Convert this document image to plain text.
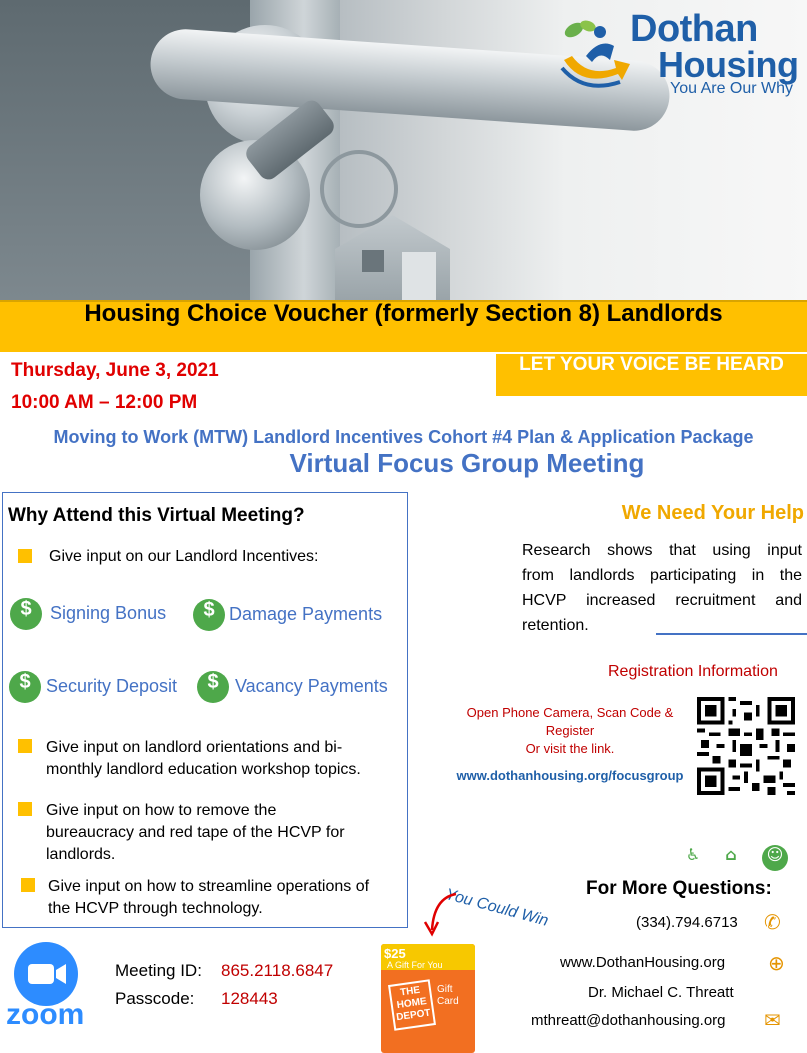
Dothan
Housing
You Are Our Why
Housing Choice Voucher (formerly Section 8) Landlords
Thursday, June 3, 2021
10:00 AM – 12:00 PM
LET YOUR VOICE BE HEARD
Moving to Work (MTW) Landlord Incentives Cohort #4 Plan & Application Package
Virtual Focus Group Meeting
Why Attend this Virtual Meeting?
Give input on our Landlord Incentives:
$	Signing Bonus	$ Damage Payments
$ Security Deposit	$ Vacancy Payments
Give input on landlord orientations and bi-monthly landlord education workshop topics.
Give input on how to remove the bureaucracy and red tape of the HCVP for landlords.
Give input on how to streamline operations of the HCVP through technology.
We Need Your Help
Research shows that using input
from landlords participating in the
HCVP increased recruitment and
retention.
Registration Information
Open Phone Camera, Scan Code &
Register
Or visit the link.
www.dothanhousing.org/focusgroup
♿	⌂	☺
For More Questions:
(334).794.6713 ✆
www.DothanHousing.org ⊕
Dr. Michael C. Threatt
mthreatt@dothanhousing.org ✉
zoom
Meeting ID: 865.2118.6847
Passcode: 128443
You Could Win
$25
A Gift For You
THE
HOME
DEPOT
Gift
Card
